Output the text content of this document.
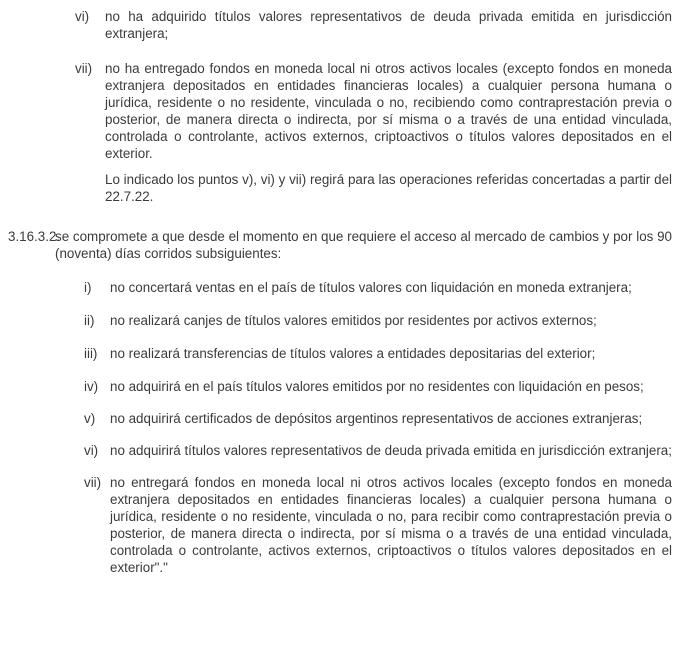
vi) no ha adquirido títulos valores representativos de deuda privada emitida en jurisdicción extranjera;

vii) no ha entregado fondos en moneda local ni otros activos locales (excepto fondos en moneda extranjera depositados en entidades financieras locales) a cualquier persona humana o jurídica, residente o no residente, vinculada o no, recibiendo como contraprestación previa o posterior, de manera directa o indirecta, por sí misma o a través de una entidad vinculada, controlada o controlante, activos externos, criptoactivos o títulos valores depositados en el exterior.

Lo indicado los puntos v), vi) y vii) regirá para las operaciones referidas concertadas a partir del 22.7.22.

3.16.3.2.

se compromete a que desde el momento en que requiere el acceso al mercado de cambios y por los 90 (noventa) días corridos subsiguientes:

i) no concertará ventas en el país de títulos valores con liquidación en moneda extranjera;

ii) no realizará canjes de títulos valores emitidos por residentes por activos externos;

iii) no realizará transferencias de títulos valores a entidades depositarias del exterior;

iv) no adquirirá en el país títulos valores emitidos por no residentes con liquidación en pesos;

v) no adquirirá certificados de depósitos argentinos representativos de acciones extranjeras;

vi) no adquirirá títulos valores representativos de deuda privada emitida en jurisdicción extranjera;

vii) no entregará fondos en moneda local ni otros activos locales (excepto fondos en moneda extranjera depositados en entidades financieras locales) a cualquier persona humana o jurídica, residente o no residente, vinculada o no, para recibir como contraprestación previa o posterior, de manera directa o indirecta, por sí misma o a través de una entidad vinculada, controlada o controlante, activos externos, criptoactivos o títulos valores depositados en el exterior"."
